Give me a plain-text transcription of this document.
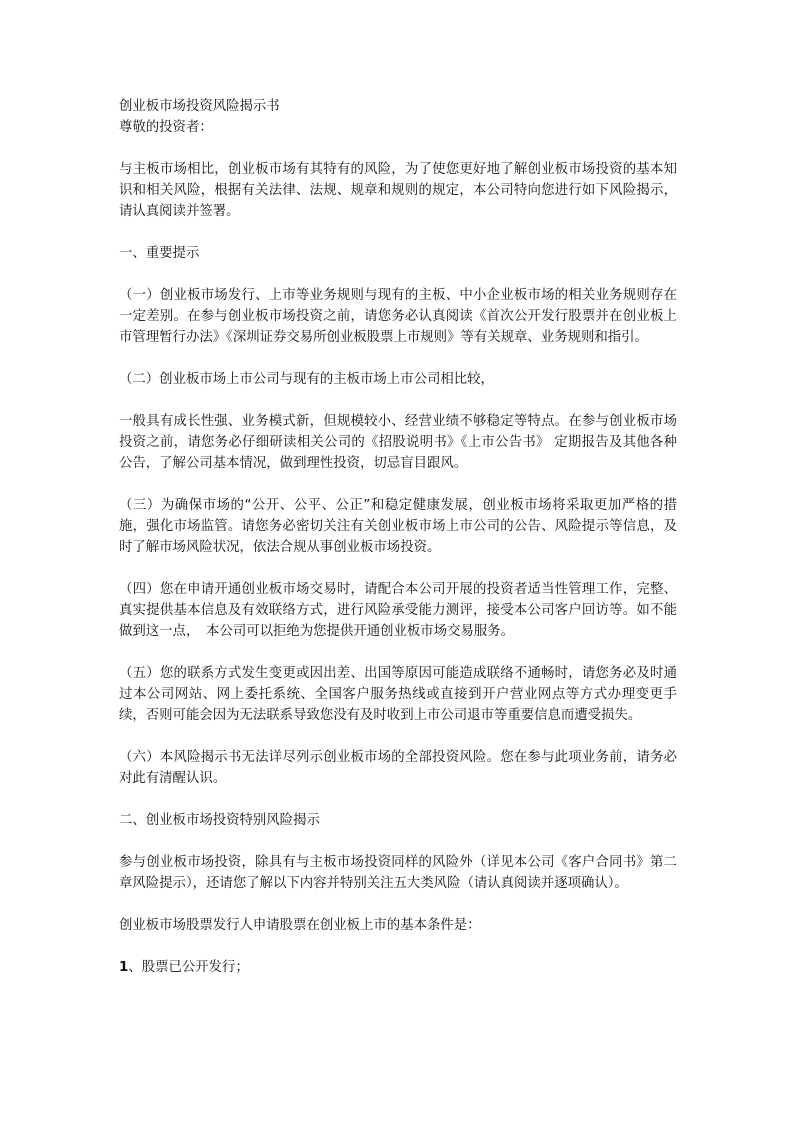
创业板市场投资风险揭示书

尊敬的投资者：

与主板市场相比，创业板市场有其特有的风险，为了使您更好地了解创业板市场投资的基本知识和相关风险，根据有关法律、法规、规章和规则的规定，本公司特向您进行如下风险揭示，请认真阅读并签署。

一、重要提示

（一）创业板市场发行、上市等业务规则与现有的主板、中小企业板市场的相关业务规则存在一定差别。在参与创业板市场投资之前，请您务必认真阅读《首次公开发行股票并在创业板上市管理暂行办法》《深圳证券交易所创业板股票上市规则》等有关规章、业务规则和指引。

（二）创业板市场上市公司与现有的主板市场上市公司相比较，

一般具有成长性强、业务模式新，但规模较小、经营业绩不够稳定等特点。在参与创业板市场投资之前，请您务必仔细研读相关公司的《招股说明书》《上市公告书》 定期报告及其他各种公告，了解公司基本情况，做到理性投资，切忌盲目跟风。

（三）为确保市场的“公开、公平、公正”和稳定健康发展，创业板市场将采取更加严格的措施，强化市场监管。请您务必密切关注有关创业板市场上市公司的公告、风险提示等信息，及时了解市场风险状况，依法合规从事创业板市场投资。

（四）您在申请开通创业板市场交易时，请配合本公司开展的投资者适当性管理工作，完整、真实提供基本信息及有效联络方式，进行风险承受能力测评，接受本公司客户回访等。如不能做到这一点，　本公司可以拒绝为您提供开通创业板市场交易服务。

（五）您的联系方式发生变更或因出差、出国等原因可能造成联络不通畅时，请您务必及时通过本公司网站、网上委托系统、全国客户服务热线或直接到开户营业网点等方式办理变更手续，否则可能会因为无法联系导致您没有及时收到上市公司退市等重要信息而遭受损失。

（六）本风险揭示书无法详尽列示创业板市场的全部投资风险。您在参与此项业务前，请务必对此有清醒认识。

二、创业板市场投资特别风险揭示

参与创业板市场投资，除具有与主板市场投资同样的风险外（详见本公司《客户合同书》第二章风险提示），还请您了解以下内容并特别关注五大类风险（请认真阅读并逐项确认）。

创业板市场股票发行人申请股票在创业板上市的基本条件是：

1、股票已公开发行；
